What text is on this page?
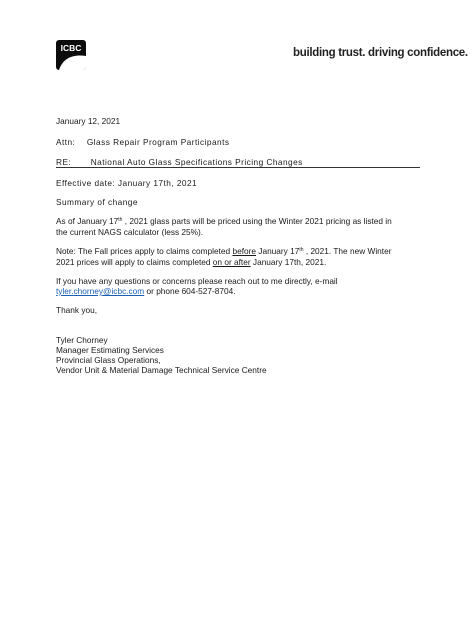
ICBC	building trust. driving confidence.
January 12, 2021
Attn: Glass Repair Program Participants
RE: National Auto Glass Specifications Pricing Changes
Effective date: January 17th, 2021
Summary of change
As of January 17th , 2021 glass parts will be priced using the Winter 2021 pricing as listed in
the current NAGS calculator (less 25%).
Note: The Fall prices apply to claims completed before January 17th , 2021. The new Winter
2021 prices will apply to claims completed on or after January 17th, 2021.
If you have any questions or concerns please reach out to me directly, e-mail
tyler.chorney@icbc.com or phone 604-527-8704.
Thank you,
Tyler Chorney
Manager Estimating Services
Provincial Glass Operations,
Vendor Unit & Material Damage Technical Service Centre
